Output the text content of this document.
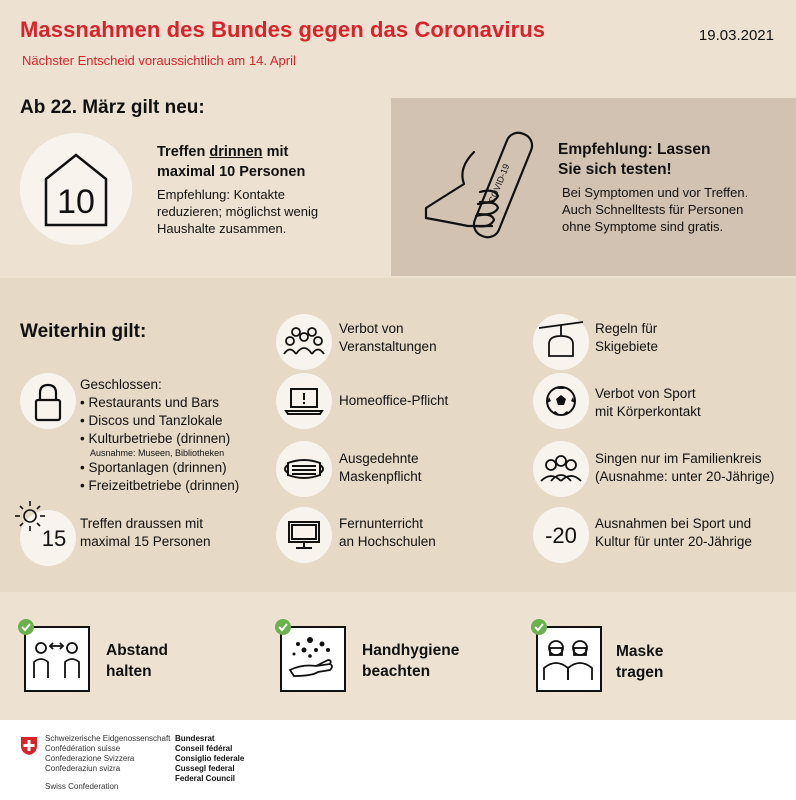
Massnahmen des Bundes gegen das Coronavirus
Nächster Entscheid voraussichtlich am 14. April
19.03.2021
Ab 22. März gilt neu:
10
Treffen drinnen mit
maximal 10 Personen
Empfehlung: Kontakte
reduzieren; möglichst wenig
Haushalte zusammen.
COVID-19
Empfehlung: Lassen
Sie sich testen!
Bei Symptomen und vor Treffen.
Auch Schnelltests für Personen
ohne Symptome sind gratis.
Weiterhin gilt:
Geschlossen:
• Restaurants und Bars
• Discos und Tanzlokale
• Kulturbetriebe (drinnen)
Ausnahme: Museen, Bibliotheken
• Sportanlagen (drinnen)
• Freizeitbetriebe (drinnen)
15
Treffen draussen mit
maximal 15 Personen
Verbot von
Veranstaltungen
Homeoffice-Pflicht
Ausgedehnte
Maskenpflicht
Fernunterricht
an Hochschulen
Regeln für
Skigebiete
Verbot von Sport
mit Körperkontakt
Singen nur im Familienkreis
(Ausnahme: unter 20-Jährige)
-20 Ausnahmen bei Sport und
Kultur für unter 20-Jährige
Abstand
halten
Handhygiene
beachten
Maske
tragen
Schweizerische Eidgenossenschaft
Confédération suisse
Confederazione Svizzera
Confederaziun svizra
Swiss Confederation
Bundesrat
Conseil fédéral
Consiglio federale
Cussegl federal
Federal Council
